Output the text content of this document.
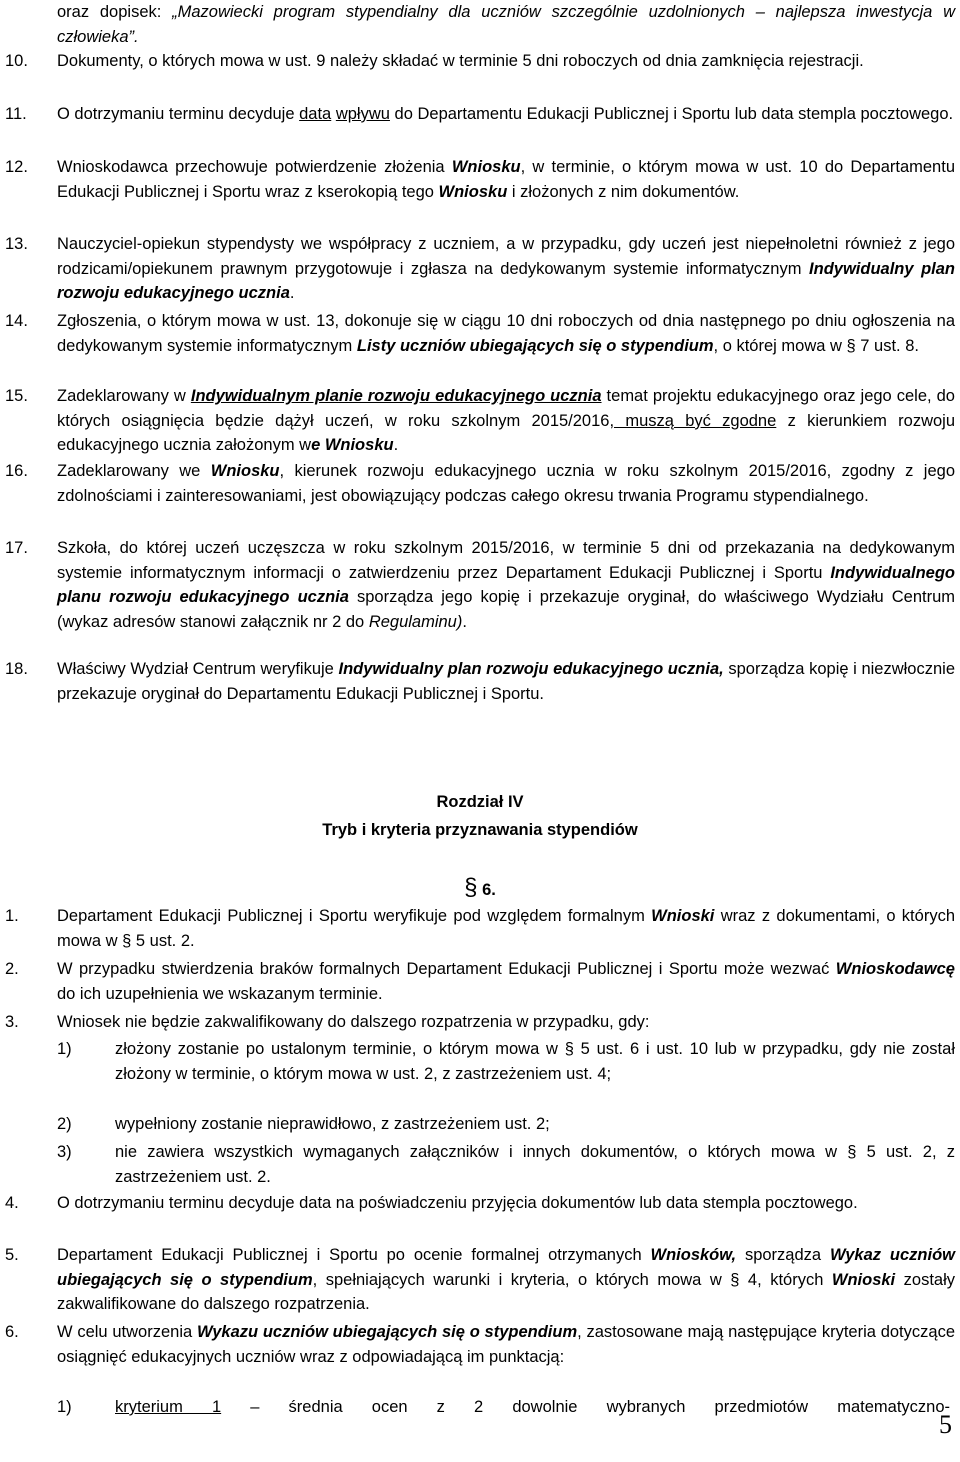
oraz dopisek: „Mazowiecki program stypendialny dla uczniów szczególnie uzdolnionych – najlepsza inwestycja w człowieka”.
10. Dokumenty, o których mowa w ust. 9 należy składać w terminie 5 dni roboczych od dnia zamknięcia rejestracji.
11. O dotrzymaniu terminu decyduje data wpływu do Departamentu Edukacji Publicznej i Sportu lub data stempla pocztowego.
12. Wnioskodawca przechowuje potwierdzenie złożenia Wniosku, w terminie, o którym mowa w ust. 10 do Departamentu Edukacji Publicznej i Sportu wraz z kserokopią tego Wniosku i złożonych z nim dokumentów.
13. Nauczyciel-opiekun stypendysty we współpracy z uczniem, a w przypadku, gdy uczeń jest niepełnoletni również z jego rodzicami/opiekunem prawnym przygotowuje i zgłasza na dedykowanym systemie informatycznym Indywidualny plan rozwoju edukacyjnego ucznia.
14. Zgłoszenia, o którym mowa w ust. 13, dokonuje się w ciągu 10 dni roboczych od dnia następnego po dniu ogłoszenia na dedykowanym systemie informatycznym Listy uczniów ubiegających się o stypendium, o której mowa w § 7 ust. 8.
15. Zadeklarowany w Indywidualnym planie rozwoju edukacyjnego ucznia temat projektu edukacyjnego oraz jego cele, do których osiągnięcia będzie dążył uczeń, w roku szkolnym 2015/2016, muszą być zgodne z kierunkiem rozwoju edukacyjnego ucznia założonym we Wniosku.
16. Zadeklarowany we Wniosku, kierunek rozwoju edukacyjnego ucznia w roku szkolnym 2015/2016, zgodny z jego zdolnościami i zainteresowaniami, jest obowiązujący podczas całego okresu trwania Programu stypendialnego.
17. Szkoła, do której uczeń uczęszcza w roku szkolnym 2015/2016, w terminie 5 dni od przekazania na dedykowanym systemie informatycznym informacji o zatwierdzeniu przez Departament Edukacji Publicznej i Sportu Indywidualnego planu rozwoju edukacyjnego ucznia sporządza jego kopię i przekazuje oryginał, do właściwego Wydziału Centrum (wykaz adresów stanowi załącznik nr 2 do Regulaminu).
18. Właściwy Wydział Centrum weryfikuje Indywidualny plan rozwoju edukacyjnego ucznia, sporządza kopię i niezwłocznie przekazuje oryginał do Departamentu Edukacji Publicznej i Sportu.
Rozdział IV
Tryb i kryteria przyznawania stypendiów
§ 6.
1. Departament Edukacji Publicznej i Sportu weryfikuje pod względem formalnym Wnioski wraz z dokumentami, o których mowa w § 5 ust. 2.
2. W przypadku stwierdzenia braków formalnych Departament Edukacji Publicznej i Sportu może wezwać Wnioskodawcę do ich uzupełnienia we wskazanym terminie.
3. Wniosek nie będzie zakwalifikowany do dalszego rozpatrzenia w przypadku, gdy:
1)	złożony zostanie po ustalonym terminie, o którym mowa w § 5 ust. 6 i ust. 10 lub w przypadku, gdy nie został złożony w terminie, o którym mowa w ust. 2, z zastrzeżeniem ust. 4;
2)	wypełniony zostanie nieprawidłowo, z zastrzeżeniem ust. 2;
3)	nie zawiera wszystkich wymaganych załączników i innych dokumentów, o których mowa w § 5 ust. 2, z zastrzeżeniem ust. 2.
4. O dotrzymaniu terminu decyduje data na poświadczeniu przyjęcia dokumentów lub data stempla pocztowego.
5. Departament Edukacji Publicznej i Sportu po ocenie formalnej otrzymanych Wniosków, sporządza Wykaz uczniów ubiegających się o stypendium, spełniających warunki i kryteria, o których mowa w § 4, których Wnioski zostały zakwalifikowane do dalszego rozpatrzenia.
6. W celu utworzenia Wykazu uczniów ubiegających się o stypendium, zastosowane mają następujące kryteria dotyczące osiągnięć edukacyjnych uczniów wraz z odpowiadającą im punktacją:
1)	kryterium 1 – średnia ocen z 2 dowolnie wybranych przedmiotów matematyczno-
5
